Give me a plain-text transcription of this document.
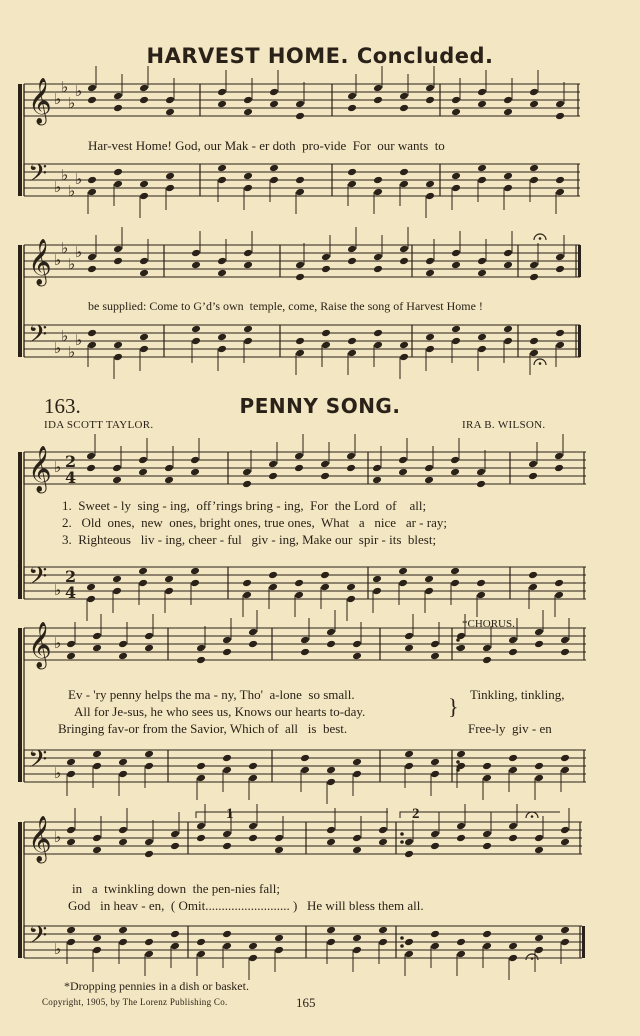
HARVEST HOME. Concluded.
𝄞 ♭
♭
♭
♭
𝄢 ♭
♭
♭
♭
𝄞 ♭
♭
♭
♭
𝄢 ♭
♭
♭
♭
𝄞 ♭ 2
4
𝄢 ♭
2
4
𝄞 ♭
𝄢 ♭
𝄞 ♭
𝄢 ♭
Har-vest Home! God, our Mak - er doth  pro-vide  For  our wants  to
be supplied: Come to G’d’s own  temple, come, Raise the song of Harvest Home !
163.	PENNY SONG.
IDA SCOTT TAYLOR.	IRA B. WILSON.
1.  Sweet - ly  sing - ing,  off’rings bring - ing,  For  the Lord  of    all;
2.   Old  ones,  new  ones, bright ones, true ones,  What   a   nice   ar - ray;
3.  Righteous   liv - ing, cheer - ful   giv - ing, Make our  spir - its  blest;
*CHORUS.
Ev - 'ry penny helps the ma - ny, Tho'  a-lone  so small.
All for Je-sus, he who sees us, Knows our hearts to-day.
Bringing fav-or from the Savior, Which of  all   is  best.
} Tinkling, tinkling,
Free-ly  giv - en
1	2
in   a  twinkling down  the pen-nies fall;
God   in heav - en,  ( Omit.......................... )   He will bless them all.
*Dropping pennies in a dish or basket.
Copyright, 1905, by The Lorenz Publishing Co.	165
